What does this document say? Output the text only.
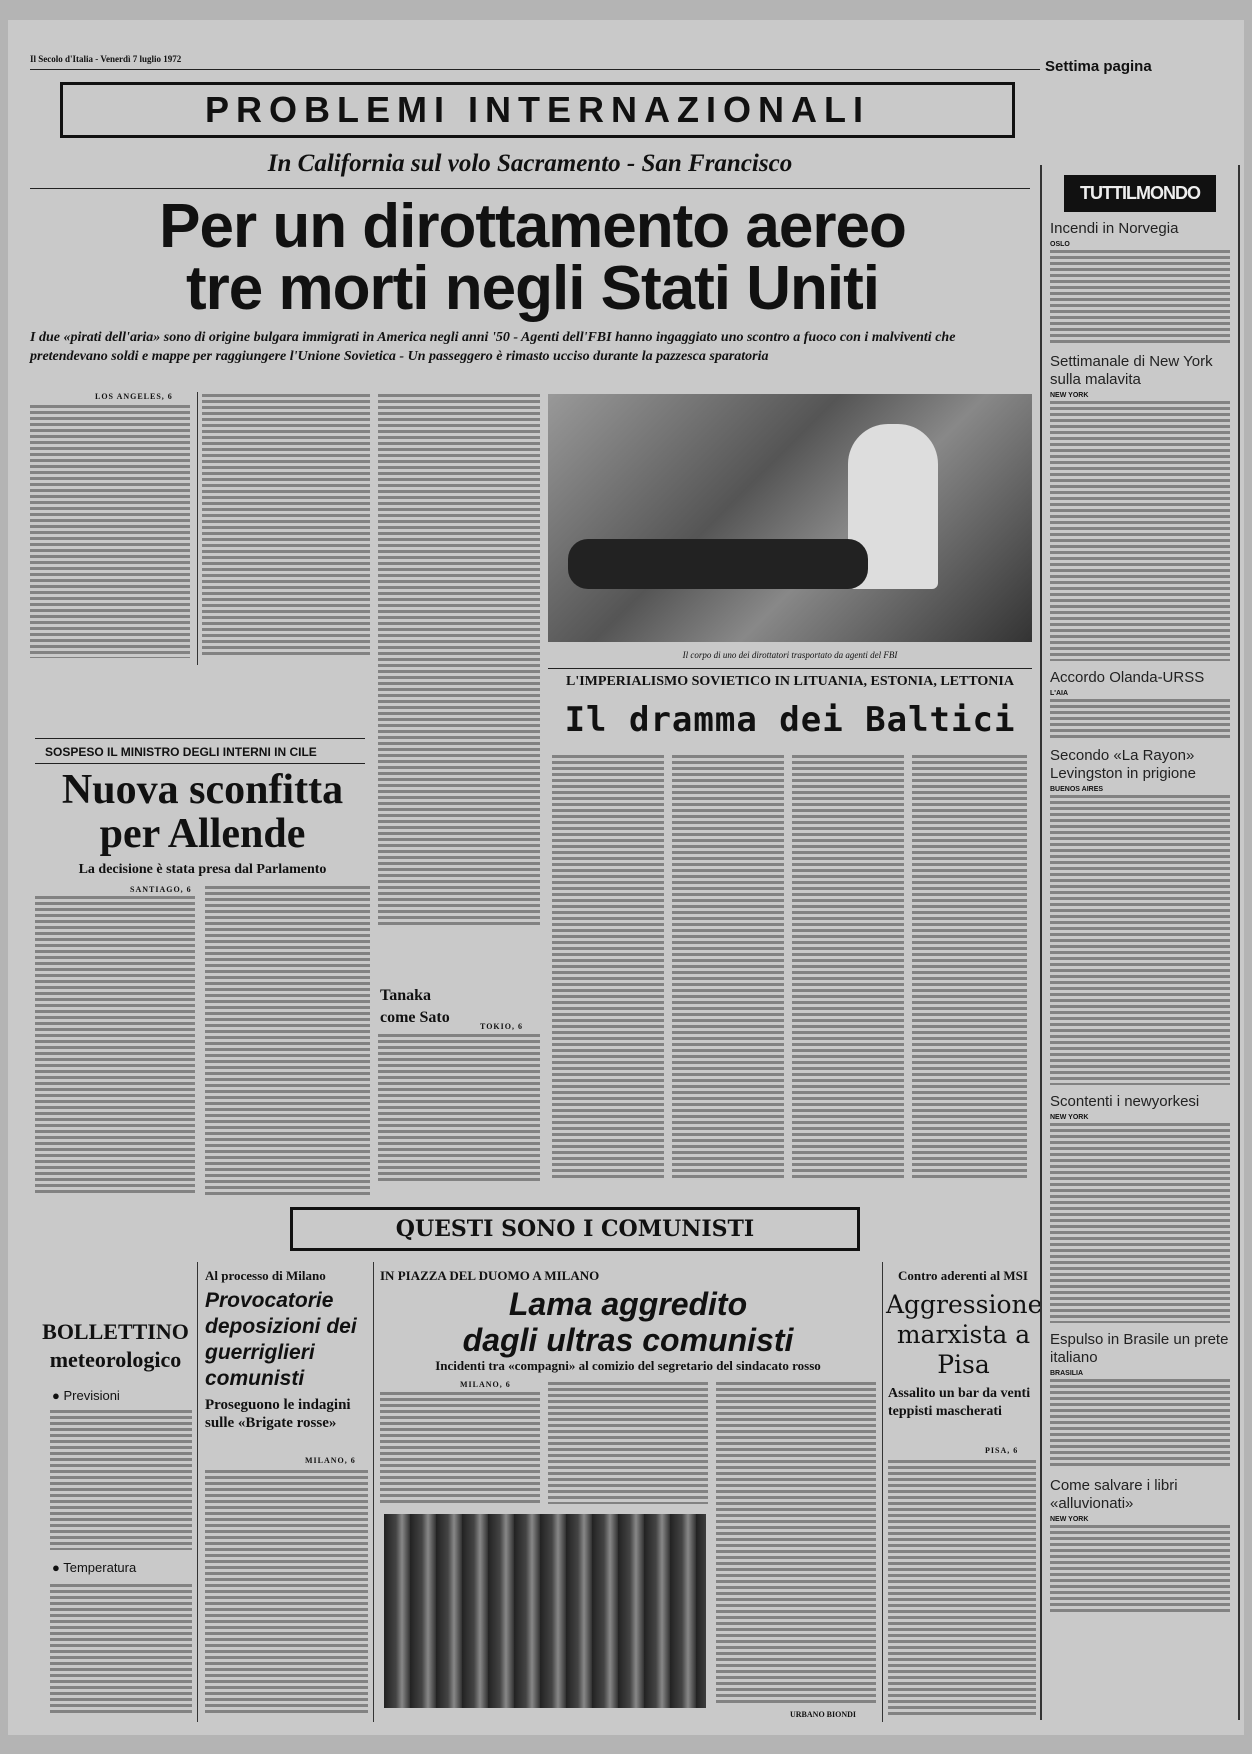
Il Secolo d'Italia - Venerdì 7 luglio 1972	Settima pagina
PROBLEMI INTERNAZIONALI
In California sul volo Sacramento - San Francisco
Per un dirottamento aereo
tre morti negli Stati Uniti
I due «pirati dell'aria» sono di origine bulgara immigrati in America negli anni '50 - Agenti dell'FBI hanno ingaggiato uno scontro a fuoco con i malviventi che pretendevano soldi e mappe per raggiungere l'Unione Sovietica - Un passeggero è rimasto ucciso durante la pazzesca sparatoria
LOS ANGELES, 6
Il corpo di uno dei dirottatori trasportato da agenti del FBI
SOSPESO IL MINISTRO DEGLI INTERNI IN CILE
Nuova sconfitta
per Allende
La decisione è stata presa dal Parlamento
SANTIAGO, 6
Tanaka
come Sato
TOKIO, 6
L'IMPERIALISMO SOVIETICO IN LITUANIA, ESTONIA, LETTONIA
Il dramma dei Baltici
QUESTI SONO I COMUNISTI
BOLLETTINO
meteorologico
● Previsioni
● Temperatura
Al processo di Milano
Provocatorie deposizioni dei guerriglieri comunisti
Proseguono le indagini sulle «Brigate rosse»
MILANO, 6
IN PIAZZA DEL DUOMO A MILANO
Lama aggredito
dagli ultras comunisti
Incidenti tra «compagni» al comizio del segretario del sindacato rosso
MILANO, 6
URBANO BIONDI
Contro aderenti al MSI
Aggressione marxista a Pisa
Assalito un bar da venti teppisti mascherati
PISA, 6
TUTTILMONDO
Incendi in Norvegia
OSLO
Settimanale di New York sulla malavita
NEW YORK
Accordo Olanda-URSS
L'AIA
Secondo «La Rayon» Levingston in prigione
BUENOS AIRES
Scontenti i newyorkesi
NEW YORK
Espulso in Brasile un prete italiano
BRASILIA
Come salvare i libri «alluvionati»
NEW YORK
